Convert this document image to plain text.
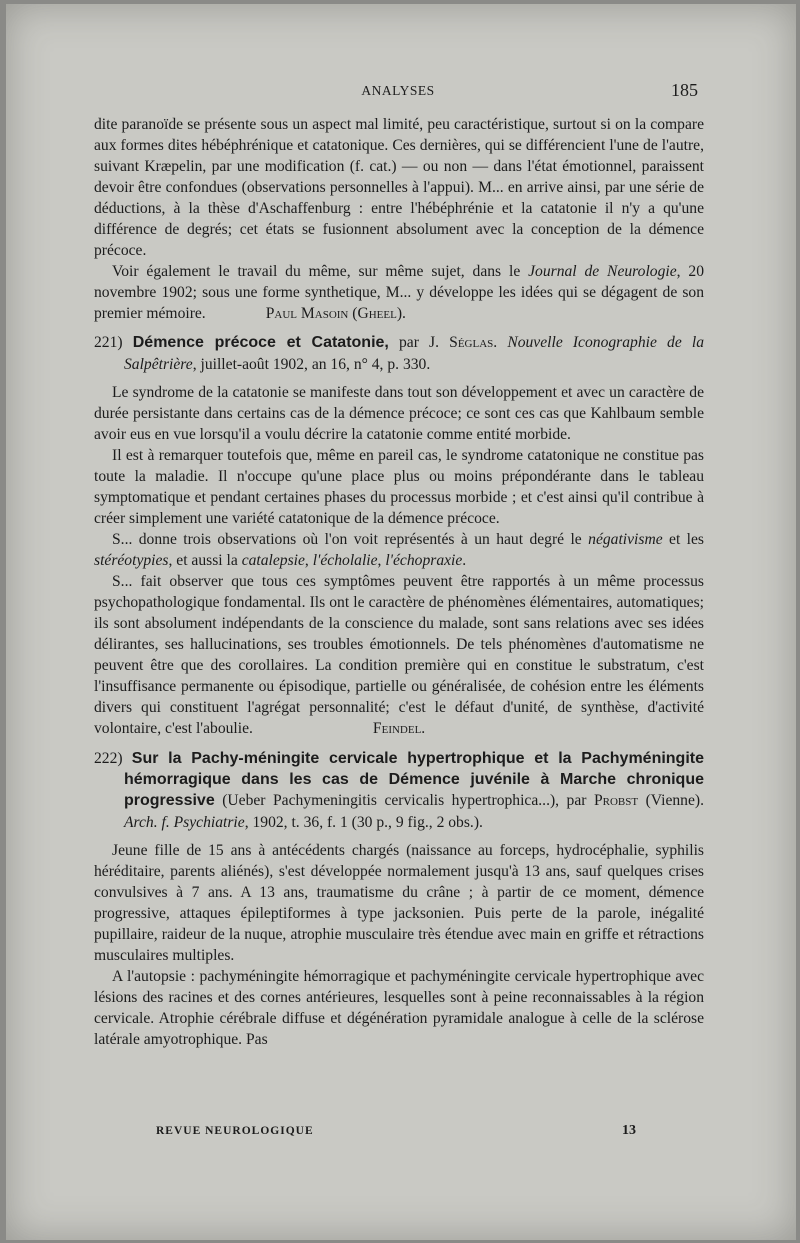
ANALYSES	185

dite paranoïde se présente sous un aspect mal limité, peu caractéristique, surtout si on la compare aux formes dites hébéphrénique et catatonique. Ces dernières, qui se différencient l'une de l'autre, suivant Kræpelin, par une modification (f. cat.) — ou non — dans l'état émotionnel, paraissent devoir être confondues (observations personnelles à l'appui). M... en arrive ainsi, par une série de déductions, à la thèse d'Aschaffenburg : entre l'hébéphrénie et la catatonie il n'y a qu'une différence de degrés; cet états se fusionnent absolument avec la conception de la démence précoce.

Voir également le travail du même, sur même sujet, dans le Journal de Neurologie, 20 novembre 1902; sous une forme synthetique, M... y développe les idées qui se dégagent de son premier mémoire.	Paul Masoin (Gheel).

221) Démence précoce et Catatonie, par J. Séglas. Nouvelle Iconographie de la Salpêtrière, juillet-août 1902, an 16, n° 4, p. 330.

Le syndrome de la catatonie se manifeste dans tout son développement et avec un caractère de durée persistante dans certains cas de la démence précoce; ce sont ces cas que Kahlbaum semble avoir eus en vue lorsqu'il a voulu décrire la catatonie comme entité morbide.

Il est à remarquer toutefois que, même en pareil cas, le syndrome catatonique ne constitue pas toute la maladie. Il n'occupe qu'une place plus ou moins prépondérante dans le tableau symptomatique et pendant certaines phases du processus morbide ; et c'est ainsi qu'il contribue à créer simplement une variété catatonique de la démence précoce.

S... donne trois observations où l'on voit représentés à un haut degré le négativisme et les stéréotypies, et aussi la catalepsie, l'écholalie, l'échopraxie.

S... fait observer que tous ces symptômes peuvent être rapportés à un même processus psychopathologique fondamental. Ils ont le caractère de phénomènes élémentaires, automatiques; ils sont absolument indépendants de la conscience du malade, sont sans relations avec ses idées délirantes, ses hallucinations, ses troubles émotionnels. De tels phénomènes d'automatisme ne peuvent être que des corollaires. La condition première qui en constitue le substratum, c'est l'insuffisance permanente ou épisodique, partielle ou généralisée, de cohésion entre les éléments divers qui constituent l'agrégat personnalité; c'est le défaut d'unité, de synthèse, d'activité volontaire, c'est l'aboulie.	Feindel.

222) Sur la Pachy-méningite cervicale hypertrophique et la Pachyméningite hémorragique dans les cas de Démence juvénile à Marche chronique progressive (Ueber Pachymeningitis cervicalis hypertrophica...), par Probst (Vienne). Arch. f. Psychiatrie, 1902, t. 36, f. 1 (30 p., 9 fig., 2 obs.).

Jeune fille de 15 ans à antécédents chargés (naissance au forceps, hydrocéphalie, syphilis héréditaire, parents aliénés), s'est développée normalement jusqu'à 13 ans, sauf quelques crises convulsives à 7 ans. A 13 ans, traumatisme du crâne ; à partir de ce moment, démence progressive, attaques épileptiformes à type jacksonien. Puis perte de la parole, inégalité pupillaire, raideur de la nuque, atrophie musculaire très étendue avec main en griffe et rétractions musculaires multiples.

A l'autopsie : pachyméningite hémorragique et pachyméningite cervicale hypertrophique avec lésions des racines et des cornes antérieures, lesquelles sont à peine reconnaissables à la région cervicale. Atrophie cérébrale diffuse et dégénération pyramidale analogue à celle de la sclérose latérale amyotrophique. Pas

REVUE NEUROLOGIQUE	13
